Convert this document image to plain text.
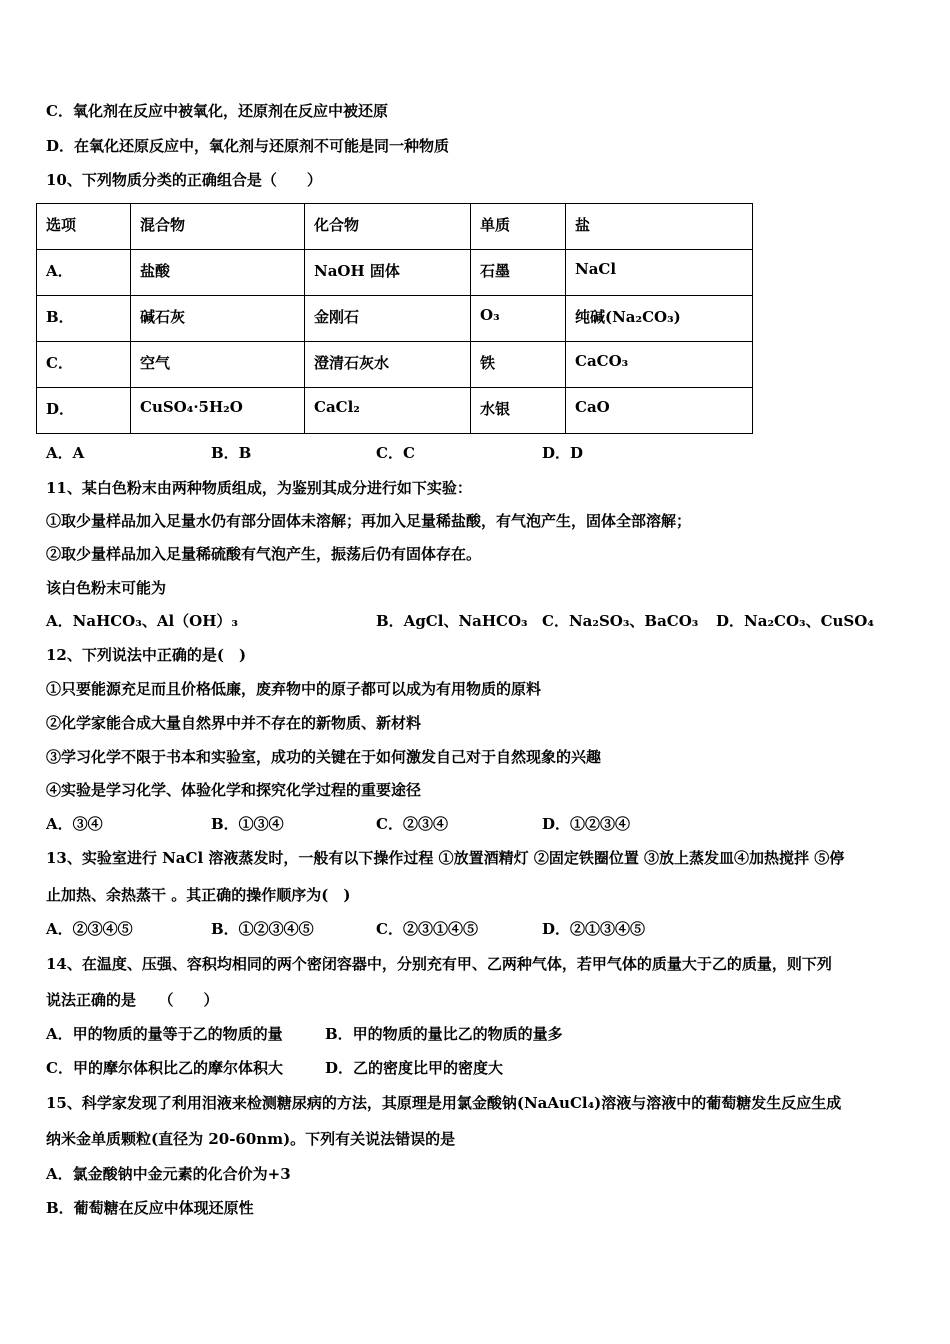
C．氧化剂在反应中被氧化，还原剂在反应中被还原
D．在氧化还原反应中，氧化剂与还原剂不可能是同一种物质
10、下列物质分类的正确组合是（　　）
选项	混合物	化合物	单质	盐
A．	盐酸	NaOH 固体	石墨	NaCl
B．	碱石灰	金刚石	O₃	纯碱(Na₂CO₃)
C．	空气	澄清石灰水	铁	CaCO₃
D．	CuSO₄·5H₂O	CaCl₂	水银	CaO
A．A	B．B	C．C	D．D
11、某白色粉末由两种物质组成，为鉴别其成分进行如下实验：
①取少量样品加入足量水仍有部分固体未溶解；再加入足量稀盐酸，有气泡产生，固体全部溶解；
②取少量样品加入足量稀硫酸有气泡产生，振荡后仍有固体存在。
该白色粉末可能为
A．NaHCO₃、Al（OH）₃	B．AgCl、NaHCO₃ C．Na₂SO₃、BaCO₃ D．Na₂CO₃、CuSO₄
12、下列说法中正确的是(　)
①只要能源充足而且价格低廉，废弃物中的原子都可以成为有用物质的原料
②化学家能合成大量自然界中并不存在的新物质、新材料
③学习化学不限于书本和实验室，成功的关键在于如何激发自己对于自然现象的兴趣
④实验是学习化学、体验化学和探究化学过程的重要途径
A．③④	B．①③④	C．②③④	D．①②③④
13、实验室进行 NaCl 溶液蒸发时，一般有以下操作过程 ①放置酒精灯 ②固定铁圈位置 ③放上蒸发皿④加热搅拌 ⑤停
止加热、余热蒸干 。其正确的操作顺序为(　)
A．②③④⑤	B．①②③④⑤	C．②③①④⑤	D．②①③④⑤
14、在温度、压强、容积均相同的两个密闭容器中，分别充有甲、乙两种气体，若甲气体的质量大于乙的质量，则下列
说法正确的是　　（　　）
A．甲的物质的量等于乙的物质的量	B．甲的物质的量比乙的物质的量多
C．甲的摩尔体积比乙的摩尔体积大	D．乙的密度比甲的密度大
15、科学家发现了利用泪液来检测糖尿病的方法，其原理是用氯金酸钠(NaAuCl₄)溶液与溶液中的葡萄糖发生反应生成
纳米金单质颗粒(直径为 20-60nm)。下列有关说法错误的是
A．氯金酸钠中金元素的化合价为+3
B．葡萄糖在反应中体现还原性
